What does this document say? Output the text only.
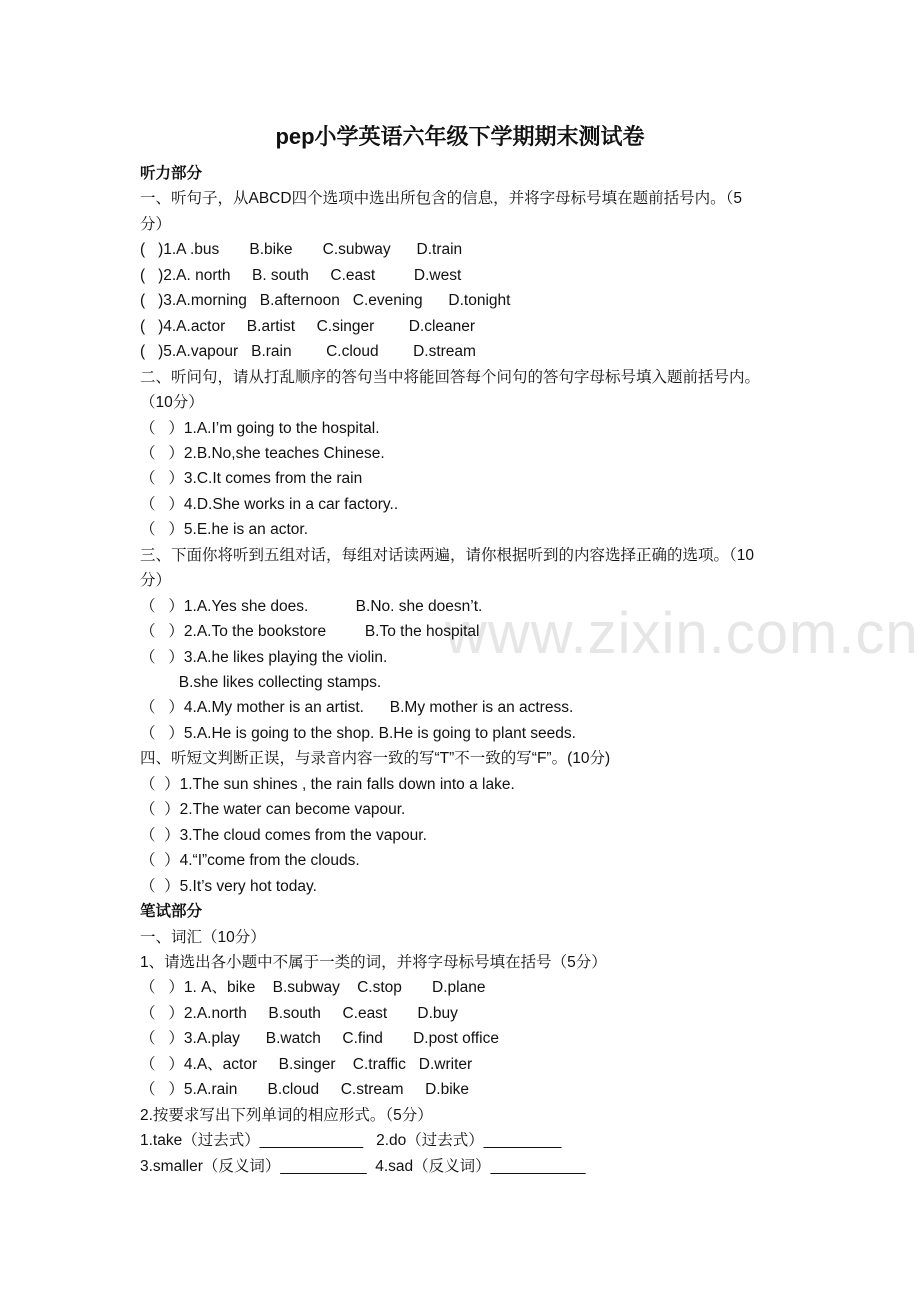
www.zixin.com.cn
pep小学英语六年级下学期期末测试卷
听力部分
一、听句子，从ABCD四个选项中选出所包含的信息，并将字母标号填在题前括号内。（5
分）
(   )1.A .bus       B.bike       C.subway      D.train
(   )2.A. north     B. south     C.east         D.west
(   )3.A.morning   B.afternoon   C.evening      D.tonight
(   )4.A.actor     B.artist     C.singer        D.cleaner
(   )5.A.vapour   B.rain        C.cloud        D.stream
二、听问句，请从打乱顺序的答句当中将能回答每个问句的答句字母标号填入题前括号内。
（10分）
（   ）1.A.I’m going to the hospital.
（   ）2.B.No,she teaches Chinese.
（   ）3.C.It comes from the rain
（   ）4.D.She works in a car factory..
（   ）5.E.he is an actor.
三、下面你将听到五组对话，每组对话读两遍，请你根据听到的内容选择正确的选项。（10
分）
（   ）1.A.Yes she does.           B.No. she doesn’t.
（   ）2.A.To the bookstore         B.To the hospital
（   ）3.A.he likes playing the violin.
B.she likes collecting stamps.
（   ）4.A.My mother is an artist.      B.My mother is an actress.
（   ）5.A.He is going to the shop. B.He is going to plant seeds.
四、听短文判断正误，与录音内容一致的写“T”不一致的写“F”。(10分)
（  ）1.The sun shines , the rain falls down into a lake.
（  ）2.The water can become vapour.
（  ）3.The cloud comes from the vapour.
（  ）4.“I”come from the clouds.
（  ）5.It’s very hot today.
笔试部分
一、词汇（10分）
1、请选出各小题中不属于一类的词，并将字母标号填在括号（5分）
（   ）1. A、bike    B.subway    C.stop       D.plane
（   ）2.A.north     B.south     C.east       D.buy
（   ）3.A.play      B.watch     C.find       D.post office
（   ）4.A、actor     B.singer    C.traffic   D.writer
（   ）5.A.rain       B.cloud     C.stream     D.bike
2.按要求写出下列单词的相应形式。（5分）
1.take（过去式）____________   2.do（过去式）_________
3.smaller（反义词）__________  4.sad（反义词）___________
